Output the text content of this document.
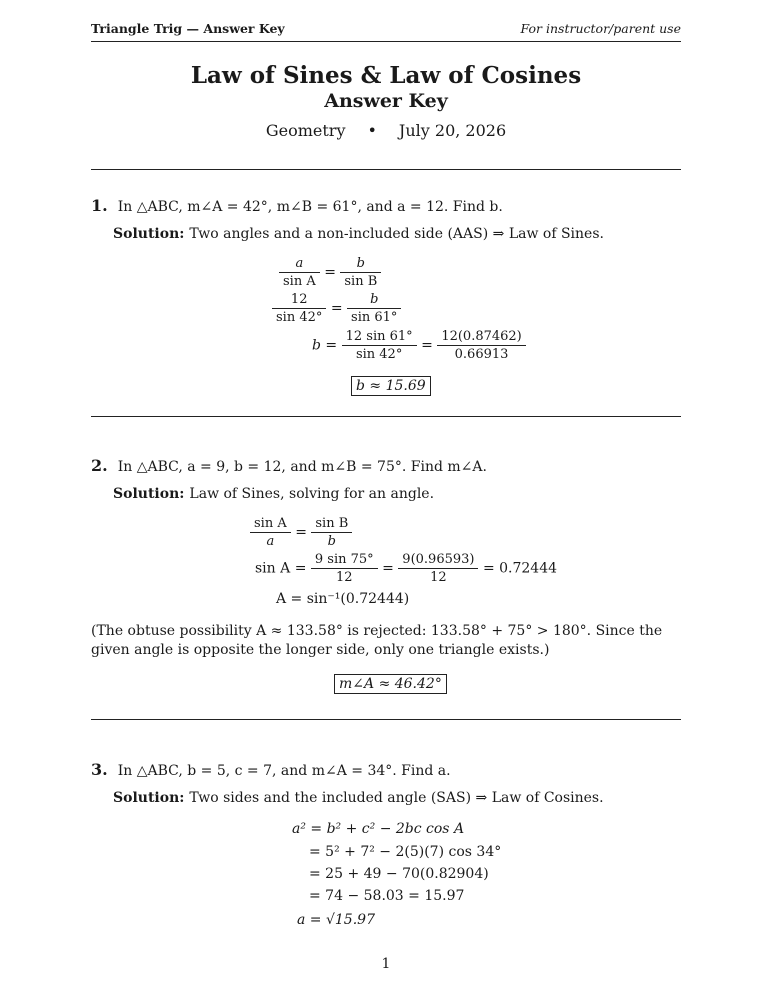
Triangle Trig — Answer Key	For instructor/parent use
Law of Sines & Law of Cosines
Answer Key
Geometry • July 20, 2026
1. In △ABC, m∠A = 42°, m∠B = 61°, and a = 12. Find b.
Solution: Two angles and a non-included side (AAS) ⇒ Law of Sines.
$\frac{a}{\text{sin A}} = \frac{b}{\text{sin B}}$
$\frac{12}{\sin 42^\circ} = \frac{b}{\sin 61^\circ}$
$b = \frac{12 \sin 61^\circ}{\sin 42^\circ} = \frac{12(0.87462)}{0.66913}$
b ≈ 15.69
2. In △ABC, a = 9, b = 12, and m∠B = 75°. Find m∠A.
Solution: Law of Sines, solving for an angle.
$\frac{\text{sin A}}{a} = \frac{\text{sin B}}{b}$
$\sin A = \frac{9 \sin 75^\circ}{12} = \frac{9(0.96593)}{12} = 0.72444$
A = sin⁻¹(0.72444)
(The obtuse possibility A ≈ 133.58° is rejected: 133.58° + 75° > 180°. Since the given angle is opposite the longer side, only one triangle exists.)
m∠A ≈ 46.42°
3. In △ABC, b = 5, c = 7, and m∠A = 34°. Find a.
Solution: Two sides and the included angle (SAS) ⇒ Law of Cosines.
a² = b² + c² − 2bc cos A
= 5² + 7² − 2(5)(7) cos 34°
= 25 + 49 − 70(0.82904)
= 74 − 58.03 = 15.97
a = √15.97
1
